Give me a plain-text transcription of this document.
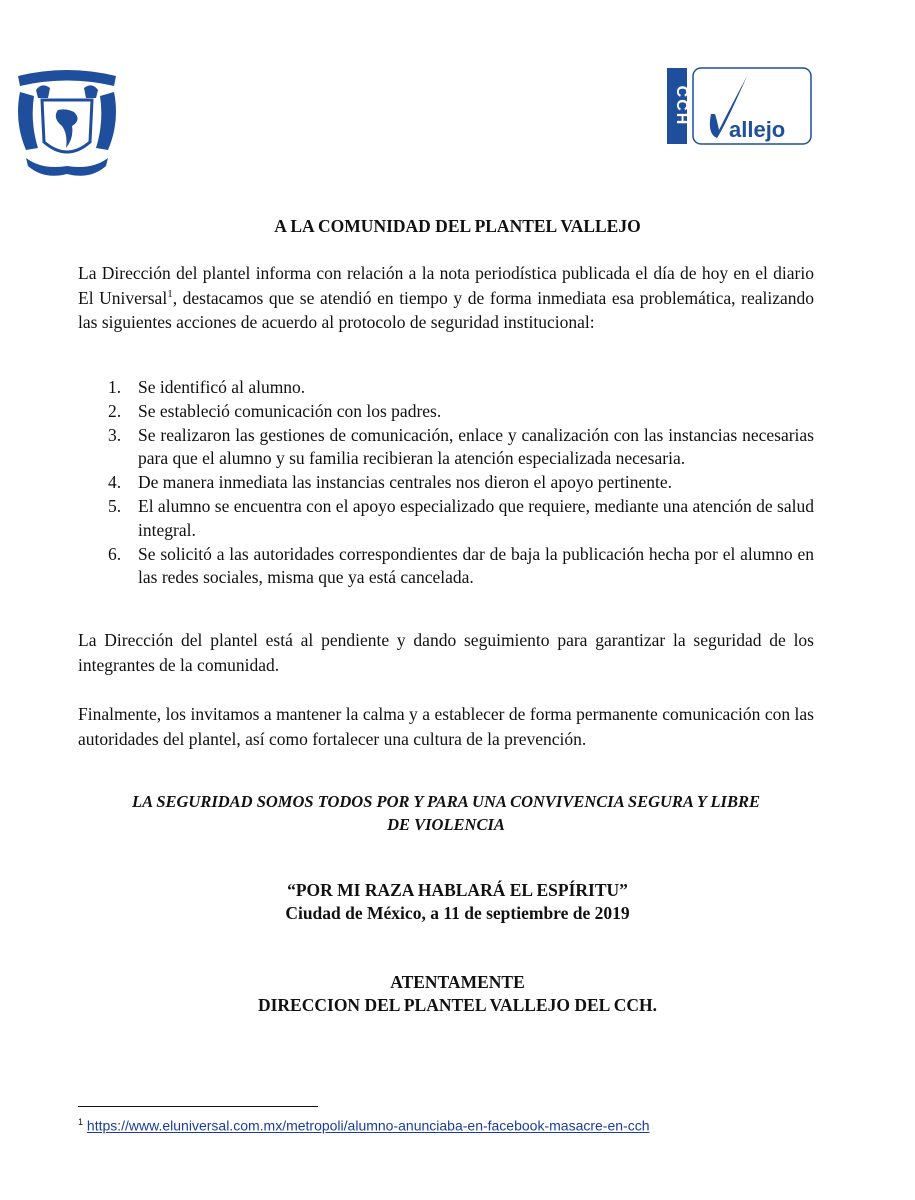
POR MI	CCH
allejo
A LA COMUNIDAD DEL PLANTEL VALLEJO
La Dirección del plantel informa con relación a la nota periodística publicada el día de hoy en el diario El Universal$^1$, destacamos que se atendió en tiempo y de forma inmediata esa problemática, realizando las siguientes acciones de acuerdo al protocolo de seguridad institucional:
1. Se identificó al alumno.
2. Se estableció comunicación con los padres.
3. Se realizaron las gestiones de comunicación, enlace y canalización con las instancias necesarias para que el alumno y su familia recibieran la atención especializada necesaria.
4. De manera inmediata las instancias centrales nos dieron el apoyo pertinente.
5. El alumno se encuentra con el apoyo especializado que requiere, mediante una atención de salud integral.
6. Se solicitó a las autoridades correspondientes dar de baja la publicación hecha por el alumno en las redes sociales, misma que ya está cancelada.
La Dirección del plantel está al pendiente y dando seguimiento para garantizar la seguridad de los integrantes de la comunidad.
Finalmente, los invitamos a mantener la calma y a establecer de forma permanente comunicación con las autoridades del plantel, así como fortalecer una cultura de la prevención.
LA SEGURIDAD SOMOS TODOS POR Y PARA UNA CONVIVENCIA SEGURA Y LIBRE
DE VIOLENCIA
“POR MI RAZA HABLARÁ EL ESPÍRITU”
Ciudad de México, a 11 de septiembre de 2019
ATENTAMENTE
DIRECCION DEL PLANTEL VALLEJO DEL CCH.
$^1$ https://www.eluniversal.com.mx/metropoli/alumno-anunciaba-en-facebook-masacre-en-cch
